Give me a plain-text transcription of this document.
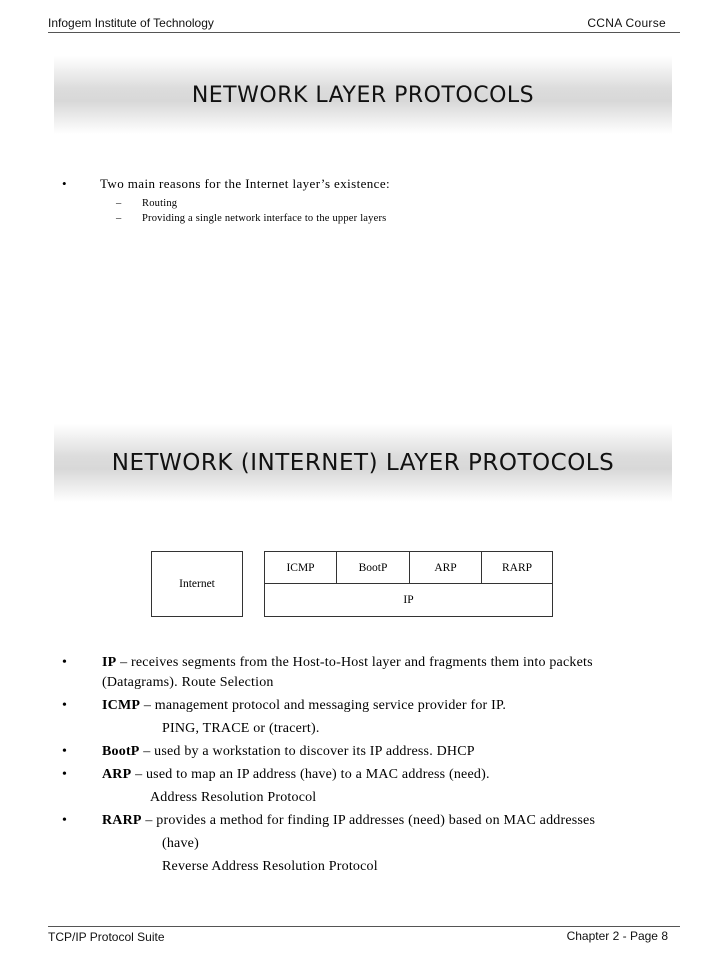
Infogem Institute of Technology	CCNA Course
NETWORK LAYER PROTOCOLS
•	Two main reasons for the Internet layer’s existence:
– Routing
– Providing a single network interface to the upper layers
NETWORK (INTERNET) LAYER PROTOCOLS
Internet
ICMP	BootP	ARP	RARP
IP
• IP – receives segments from the Host-to-Host layer and fragments them into packets (Datagrams). Route Selection
• ICMP – management protocol and messaging service provider for IP.
PING, TRACE or (tracert).
• BootP – used by a workstation to discover its IP address. DHCP
• ARP – used to map an IP address (have) to a MAC address (need).
Address Resolution Protocol
• RARP – provides a method for finding IP addresses (need) based on MAC addresses
(have)
Reverse Address Resolution Protocol
TCP/IP Protocol Suite	Chapter 2 - Page 8
